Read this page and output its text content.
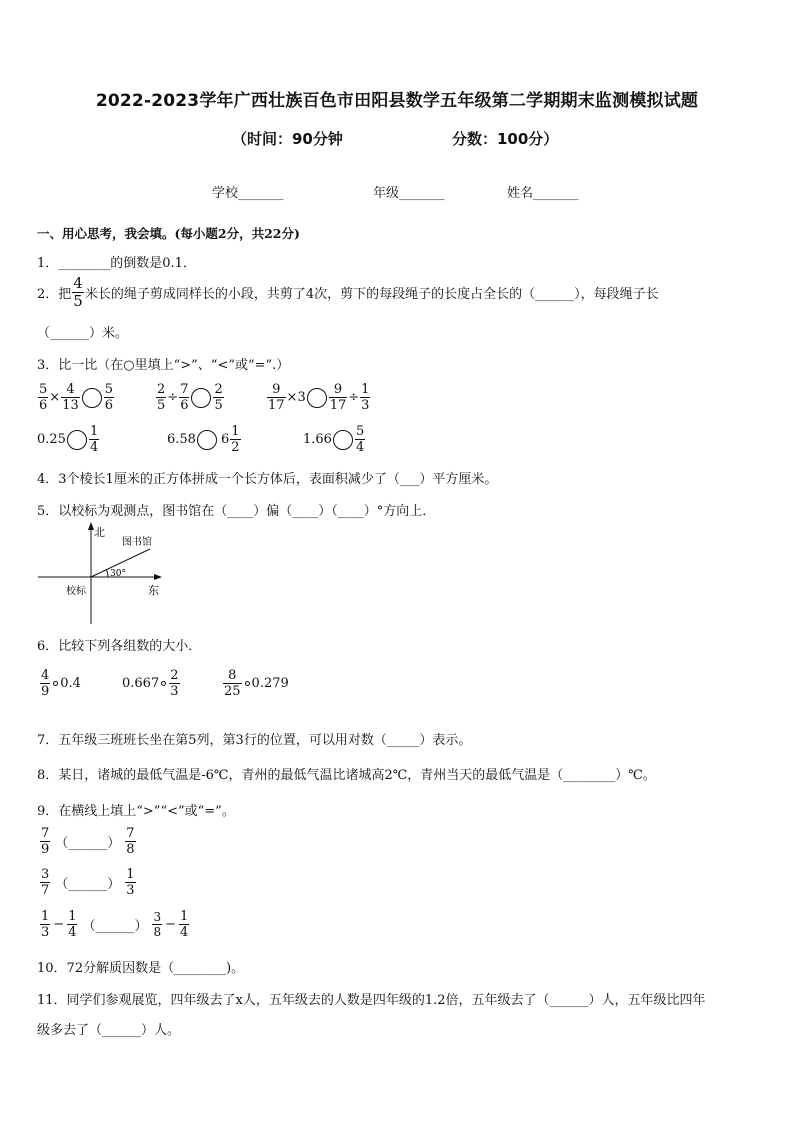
2022-2023学年广西壮族百色市田阳县数学五年级第二学期期末监测模拟试题
（时间：90分钟	分数：100分）
学校_______	年级_______	姓名_______
一、用心思考，我会填。(每小题2分，共22分)
1．________的倒数是0.1．
2．把 $\frac{4}{5}$ 米长的绳子剪成同样长的小段，共剪了4次，剪下的每段绳子的长度占全长的（______），每段绳子长
（______）米。
3．比一比（在○里填上“>”、“<”或“=”.）
$\frac{5}{6} \times \frac{4}{13} \frac{5}{6}$	$\frac{2}{5} \div \frac{7}{6} \frac{2}{5}$	$\frac{9}{17} \times 3 \frac{9}{17} \div \frac{1}{3}$
$0.25 \frac{1}{4}$	6.58 $6 \frac{1}{2}$	$1.66 \frac{5}{4}$
4．3个棱长1厘米的正方体拼成一个长方体后，表面积减少了（___）平方厘米。
5．以校标为观测点，图书馆在（____）偏（____）（____）°方向上．
北
图书馆
30°
校标	东
6．比较下列各组数的大小．
$\frac{4}{9} 0.4$	$0.667 \frac{2}{3}$	$\frac{8}{25} 0.279$
7．五年级三班班长坐在第5列，第3行的位置，可以用对数（_____）表示。
8．某日，诸城的最低气温是-6℃，青州的最低气温比诸城高2℃，青州当天的最低气温是（________）℃。
9．在横线上填上“>”“<”或“=”。
$\frac{7}{9}$ （______） $\frac{7}{8}$
$\frac{3}{7}$ （______） $\frac{1}{3}$
$\frac{1}{3} - \frac{1}{4}$ （______） $\frac{3}{8} - \frac{1}{4}$
10．72分解质因数是（________)。
11．同学们参观展览，四年级去了x人，五年级去的人数是四年级的1.2倍，五年级去了（______）人，五年级比四年
级多去了（______）人。
